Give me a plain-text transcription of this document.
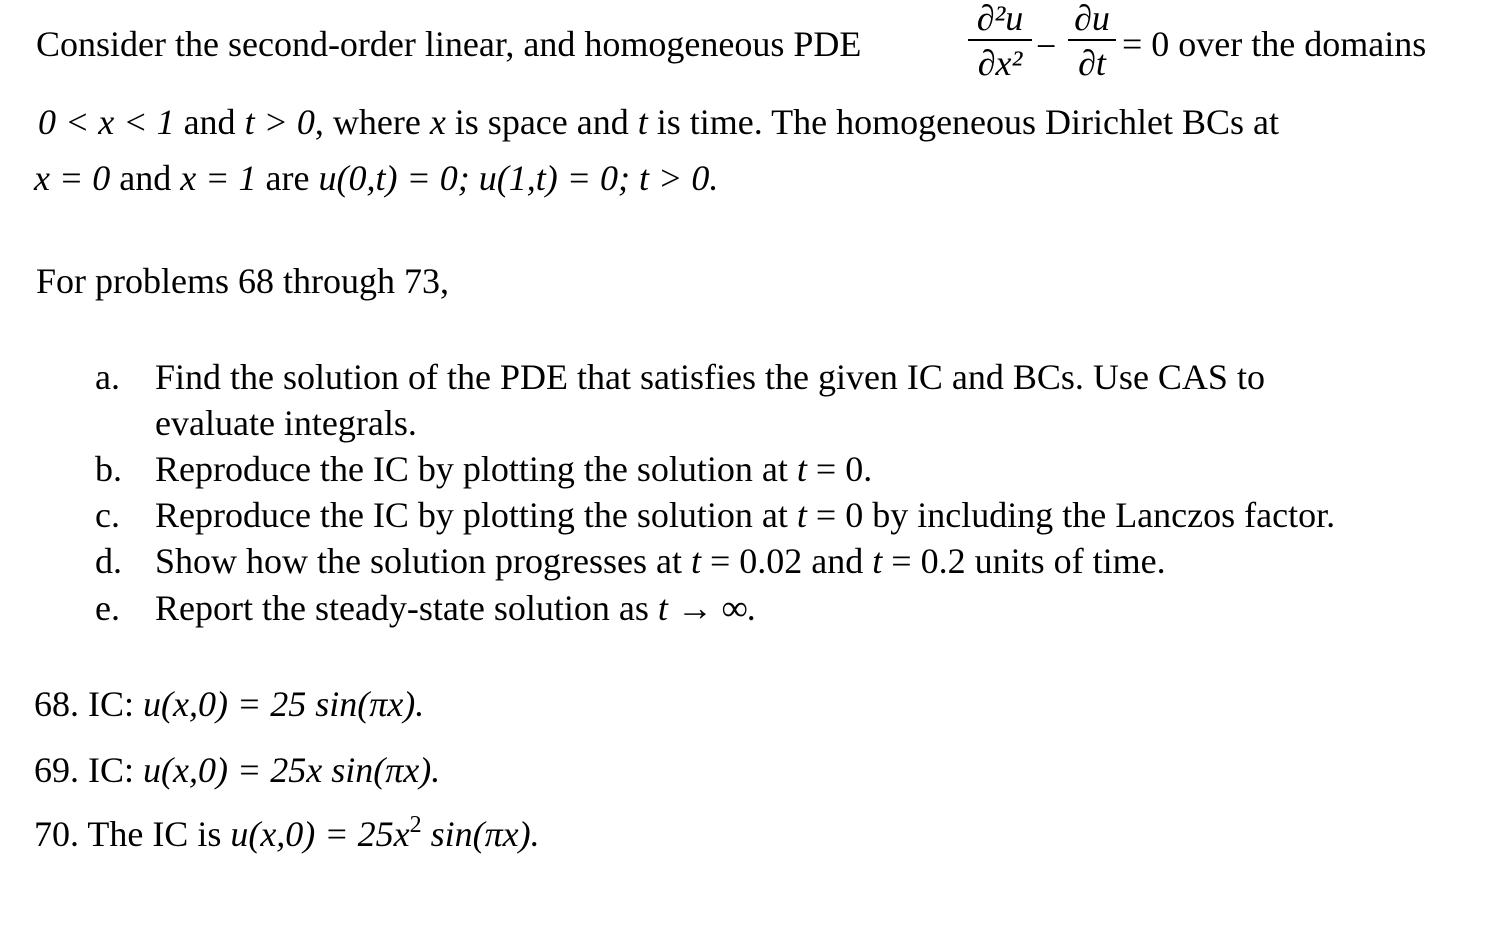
Consider the second-order linear, and homogeneous PDE
∂²u
∂x² −
∂u
∂t = 0 over the domains
0 < x < 1 and t > 0, where x is space and t is time. The homogeneous Dirichlet BCs at
x = 0 and x = 1 are u(0,t) = 0; u(1,t) = 0; t > 0.
For problems 68 through 73,
a. Find the solution of the PDE that satisfies the given IC and BCs. Use CAS to
evaluate integrals.
b. Reproduce the IC by plotting the solution at t = 0.
c. Reproduce the IC by plotting the solution at t = 0 by including the Lanczos factor.
d. Show how the solution progresses at t = 0.02 and t = 0.2 units of time.
e. Report the steady-state solution as t → ∞.
68. IC: u(x,0) = 25 sin(πx).
69. IC: u(x,0) = 25x sin(πx).
70. The IC is $u(x,0) = 25x^2$ sin(πx).
